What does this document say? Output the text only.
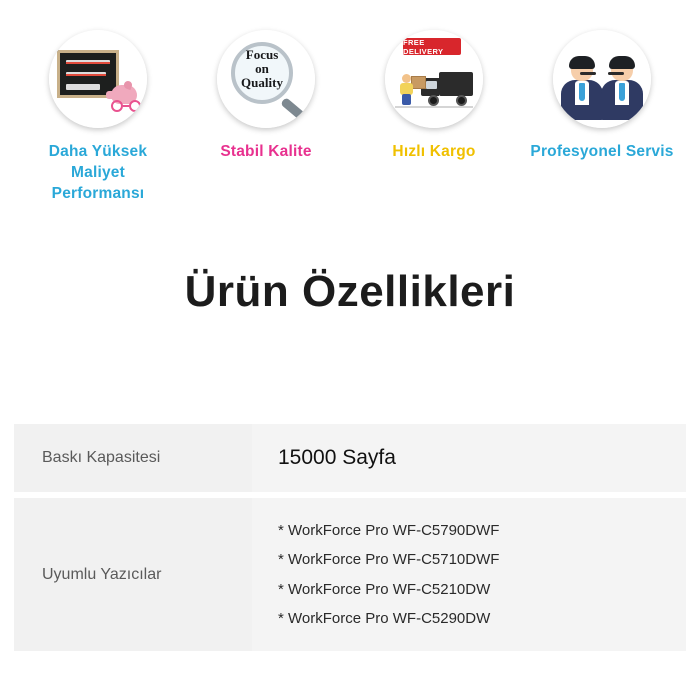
Daha Yüksek
Maliyet
Performansı
Focus
on
Quality
Stabil Kalite
FREE DELIVERY
Hızlı Kargo	Profesyonel Servis
Ürün Özellikleri
Baskı Kapasitesi	15000 Sayfa
Uyumlu Yazıcılar	* WorkForce Pro WF-C5790DWF
* WorkForce Pro WF-C5710DWF
* WorkForce Pro WF-C5210DW
* WorkForce Pro WF-C5290DW
